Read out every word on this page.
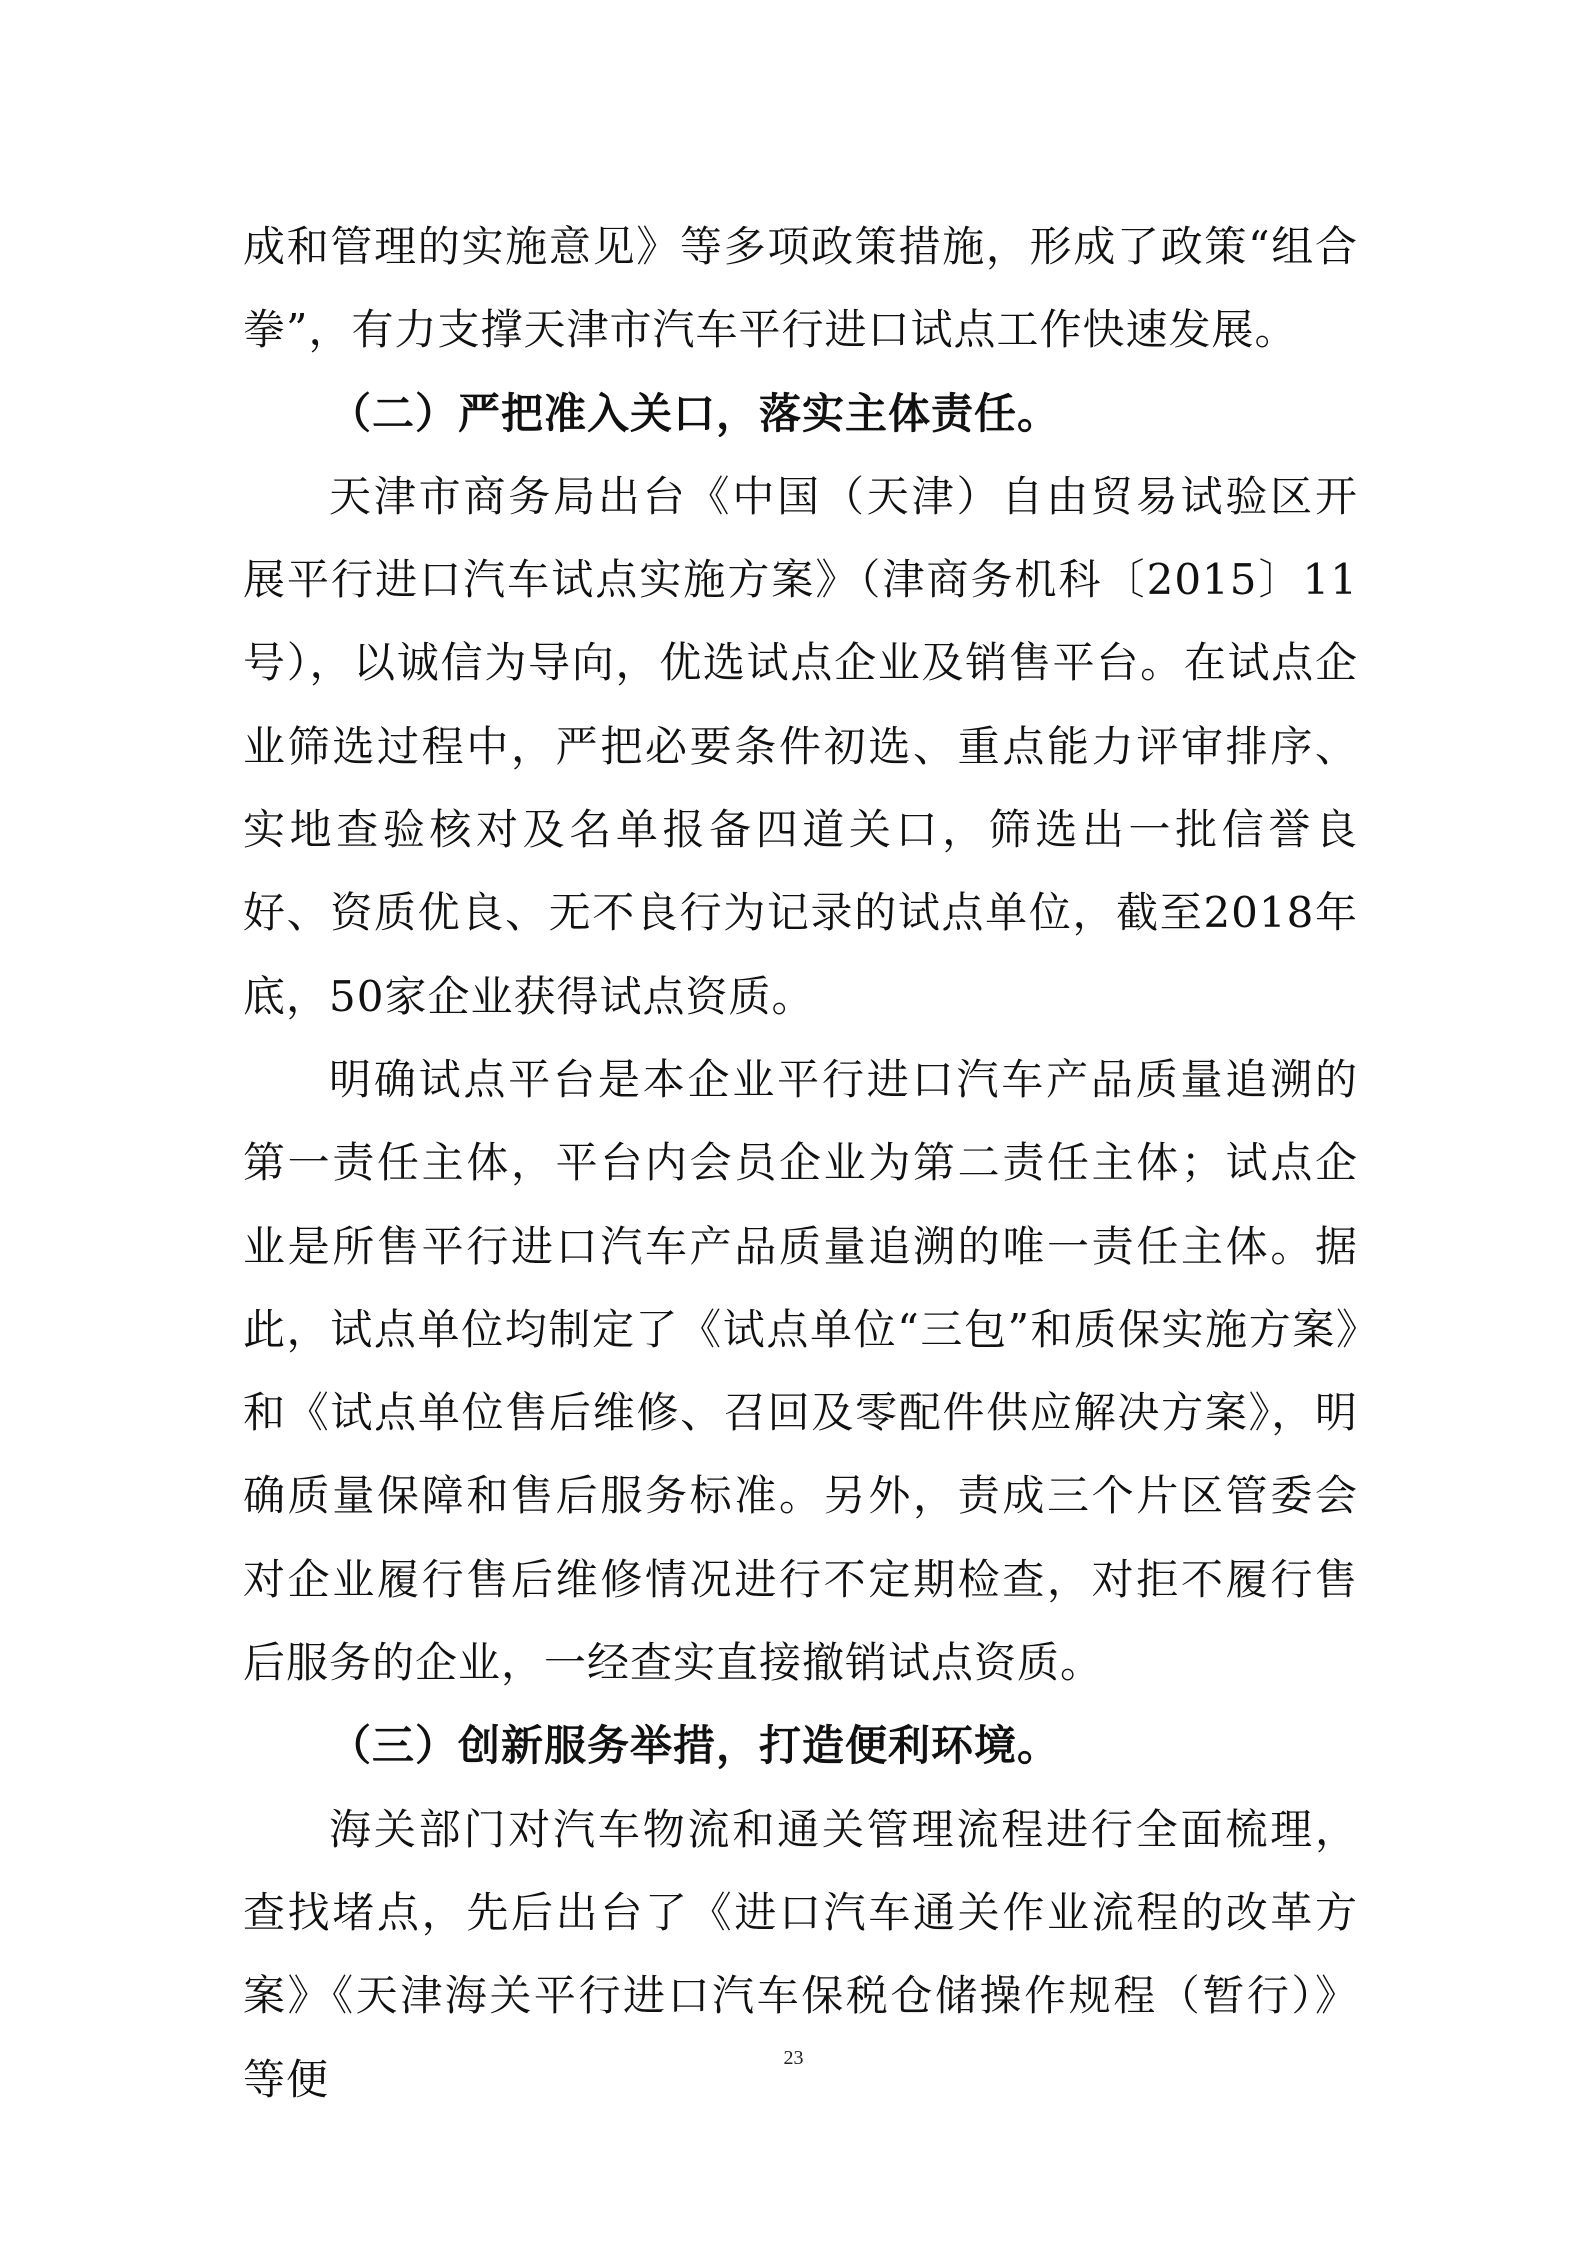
成和管理的实施意见》等多项政策措施，形成了政策“组合拳”，有力支撑天津市汽车平行进口试点工作快速发展。

（二）严把准入关口，落实主体责任。

天津市商务局出台《中国（天津）自由贸易试验区开展平行进口汽车试点实施方案》（津商务机科〔2015〕11号），以诚信为导向，优选试点企业及销售平台。在试点企业筛选过程中，严把必要条件初选、重点能力评审排序、实地查验核对及名单报备四道关口，筛选出一批信誉良好、资质优良、无不良行为记录的试点单位，截至2018年底，50家企业获得试点资质。

明确试点平台是本企业平行进口汽车产品质量追溯的第一责任主体，平台内会员企业为第二责任主体；试点企业是所售平行进口汽车产品质量追溯的唯一责任主体。据此，试点单位均制定了《试点单位“三包”和质保实施方案》和《试点单位售后维修、召回及零配件供应解决方案》，明确质量保障和售后服务标准。另外，责成三个片区管委会对企业履行售后维修情况进行不定期检查，对拒不履行售后服务的企业，一经查实直接撤销试点资质。

（三）创新服务举措，打造便利环境。

海关部门对汽车物流和通关管理流程进行全面梳理，查找堵点，先后出台了《进口汽车通关作业流程的改革方案》《天津海关平行进口汽车保税仓储操作规程（暂行）》等便	23
